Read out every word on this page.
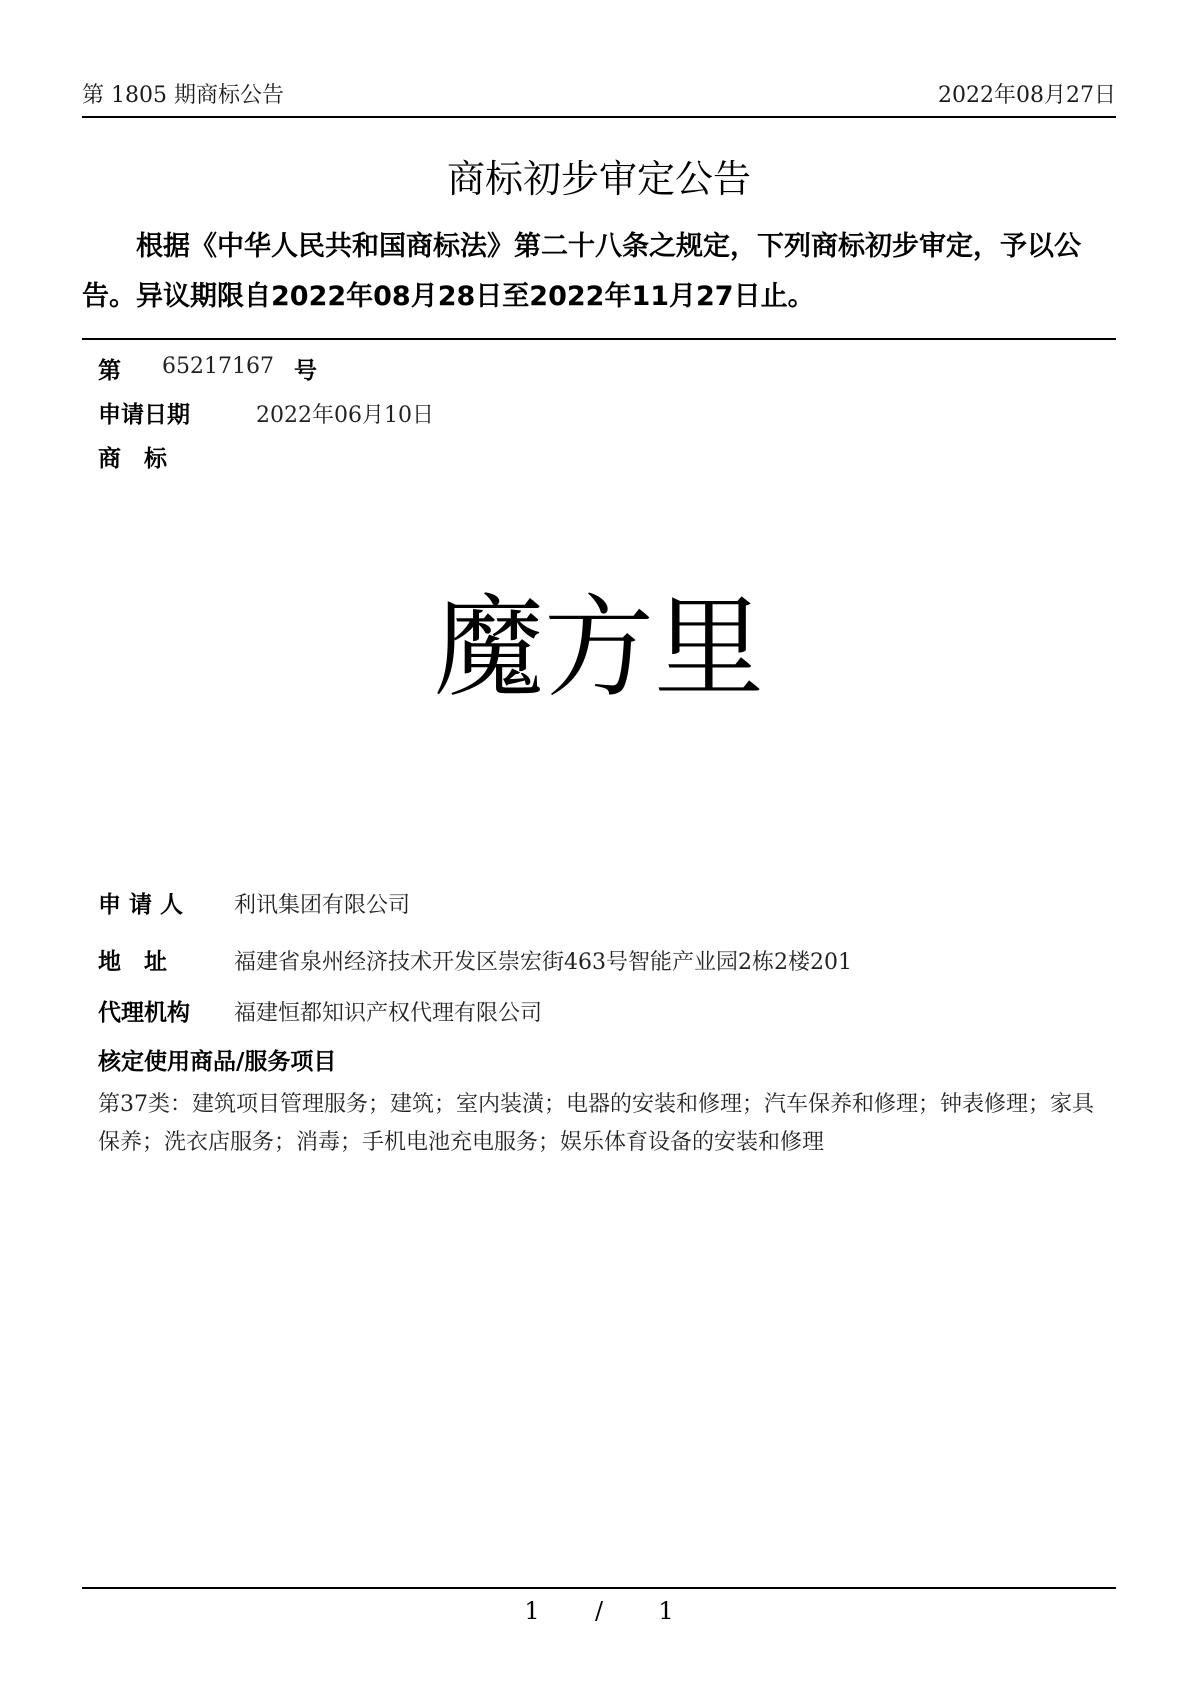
第 1805 期商标公告	2022年08月27日
商标初步审定公告
根据《中华人民共和国商标法》第二十八条之规定，下列商标初步审定，予以公告。异议期限自2022年08月28日至2022年11月27日止。
第 65217167 号
申请日期	2022年06月10日
商　标
魔方里
申 请 人 利讯集团有限公司
地　址	福建省泉州经济技术开发区崇宏街463号智能产业园2栋2楼201
代理机构 福建恒都知识产权代理有限公司
核定使用商品/服务项目
第37类：建筑项目管理服务；建筑；室内装潢；电器的安装和修理；汽车保养和修理；钟表修理；家具保养；洗衣店服务；消毒；手机电池充电服务；娱乐体育设备的安装和修理
1 / 1
